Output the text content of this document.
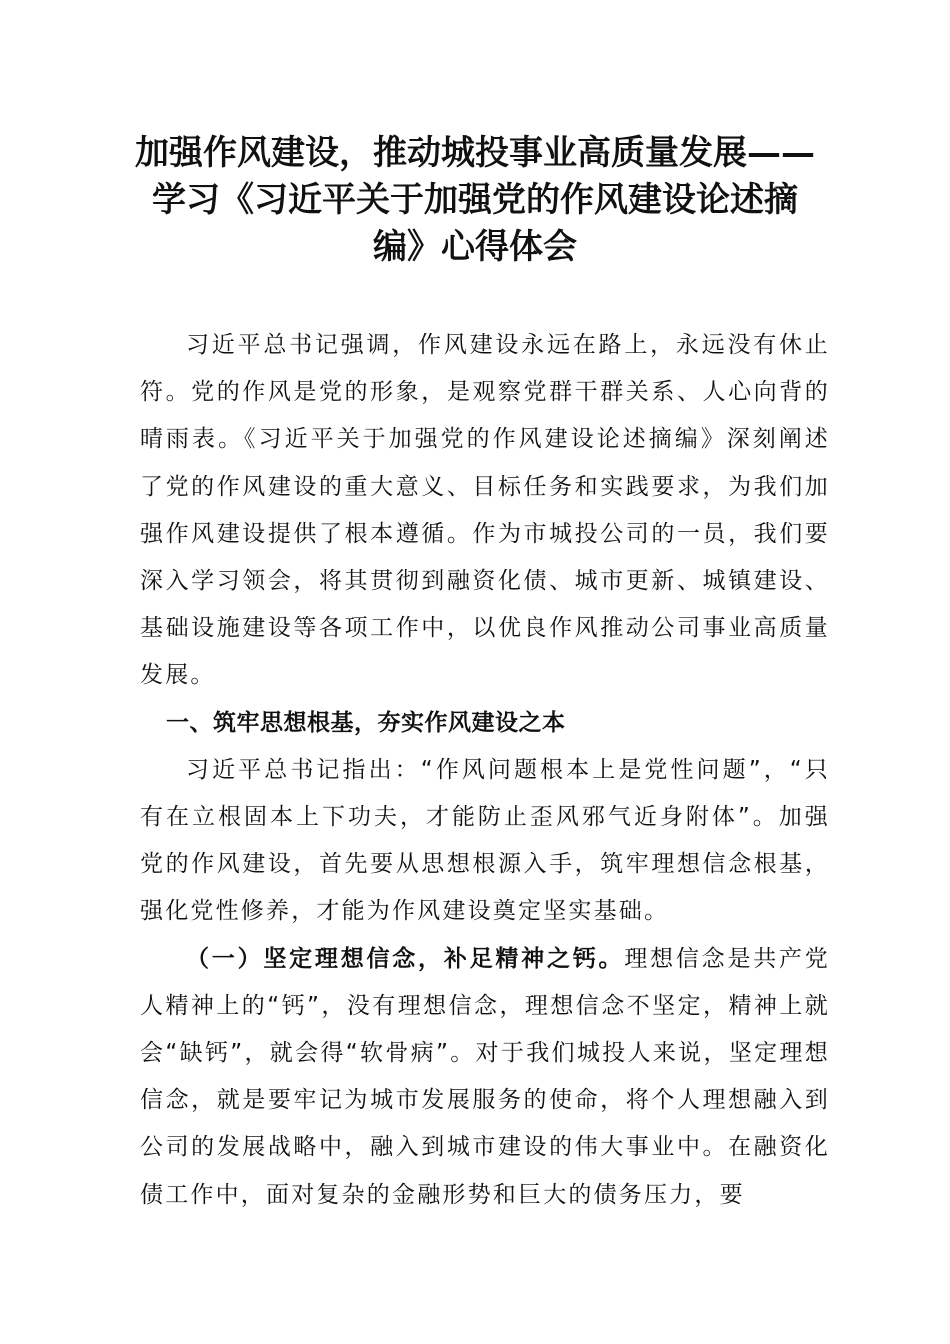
加强作风建设，推动城投事业高质量发展——
学习《习近平关于加强党的作风建设论述摘
编》心得体会

习近平总书记强调，作风建设永远在路上，永远没有休止符。党的作风是党的形象，是观察党群干群关系、人心向背的晴雨表。《习近平关于加强党的作风建设论述摘编》深刻阐述了党的作风建设的重大意义、目标任务和实践要求，为我们加强作风建设提供了根本遵循。作为市城投公司的一员，我们要深入学习领会，将其贯彻到融资化债、城市更新、城镇建设、基础设施建设等各项工作中，以优良作风推动公司事业高质量发展。

一、筑牢思想根基，夯实作风建设之本

习近平总书记指出：“作风问题根本上是党性问题”，“只有在立根固本上下功夫，才能防止歪风邪气近身附体”。加强党的作风建设，首先要从思想根源入手，筑牢理想信念根基，强化党性修养，才能为作风建设奠定坚实基础。

（一）坚定理想信念，补足精神之钙。理想信念是共产党人精神上的“钙”，没有理想信念，理想信念不坚定，精神上就会“缺钙”，就会得“软骨病”。对于我们城投人来说，坚定理想信念，就是要牢记为城市发展服务的使命，将个人理想融入到公司的发展战略中，融入到城市建设的伟大事业中。在融资化债工作中，面对复杂的金融形势和巨大的债务压力，要
